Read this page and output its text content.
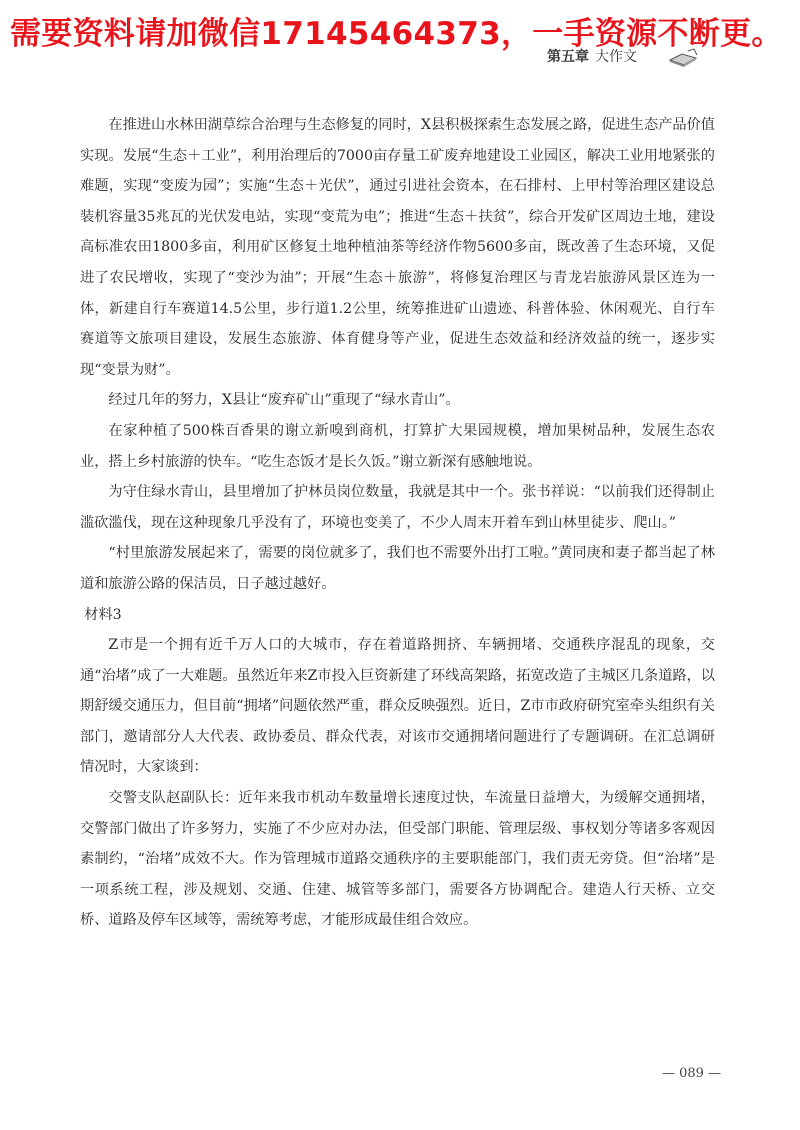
需要资料请加微信17145464373，一手资源不断更。
第五章 大作文

在推进山水林田湖草综合治理与生态修复的同时，X县积极探索生态发展之路，促进生态产品价值实现。发展“生态＋工业”，利用治理后的7000亩存量工矿废弃地建设工业园区，解决工业用地紧张的难题，实现“变废为园”；实施“生态＋光伏”，通过引进社会资本，在石排村、上甲村等治理区建设总装机容量35兆瓦的光伏发电站，实现“变荒为电”；推进“生态＋扶贫”，综合开发矿区周边土地，建设高标准农田1800多亩，利用矿区修复土地种植油茶等经济作物5600多亩，既改善了生态环境，又促进了农民增收，实现了“变沙为油”；开展“生态＋旅游”，将修复治理区与青龙岩旅游风景区连为一体，新建自行车赛道14.5公里，步行道1.2公里，统筹推进矿山遗迹、科普体验、休闲观光、自行车赛道等文旅项目建设，发展生态旅游、体育健身等产业，促进生态效益和经济效益的统一，逐步实现“变景为财”。

经过几年的努力，X县让“废弃矿山”重现了“绿水青山”。

在家种植了500株百香果的谢立新嗅到商机，打算扩大果园规模，增加果树品种，发展生态农业，搭上乡村旅游的快车。“吃生态饭才是长久饭。”谢立新深有感触地说。

为守住绿水青山，县里增加了护林员岗位数量，我就是其中一个。张书祥说：“以前我们还得制止滥砍滥伐，现在这种现象几乎没有了，环境也变美了，不少人周末开着车到山林里徒步、爬山。”

“村里旅游发展起来了，需要的岗位就多了，我们也不需要外出打工啦。”黄同庚和妻子都当起了林道和旅游公路的保洁员，日子越过越好。

材料3

Z市是一个拥有近千万人口的大城市，存在着道路拥挤、车辆拥堵、交通秩序混乱的现象，交通“治堵”成了一大难题。虽然近年来Z市投入巨资新建了环线高架路，拓宽改造了主城区几条道路，以期舒缓交通压力，但目前“拥堵”问题依然严重，群众反映强烈。近日，Z市市政府研究室牵头组织有关部门，邀请部分人大代表、政协委员、群众代表，对该市交通拥堵问题进行了专题调研。在汇总调研情况时，大家谈到：

交警支队赵副队长：近年来我市机动车数量增长速度过快，车流量日益增大，为缓解交通拥堵，交警部门做出了许多努力，实施了不少应对办法，但受部门职能、管理层级、事权划分等诸多客观因素制约，“治堵”成效不大。作为管理城市道路交通秩序的主要职能部门，我们责无旁贷。但“治堵”是一项系统工程，涉及规划、交通、住建、城管等多部门，需要各方协调配合。建造人行天桥、立交桥、道路及停车区域等，需统筹考虑，才能形成最佳组合效应。

— 089 —
